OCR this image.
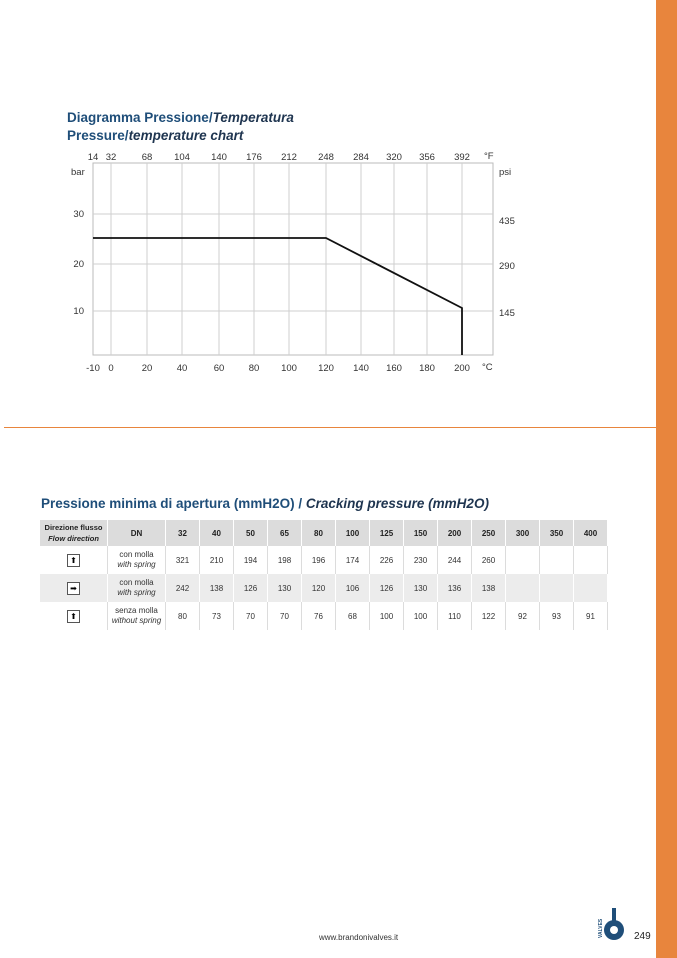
Diagramma Pressione/Temperatura
Pressure/temperature chart
-10
14
0
32
20
68
40
104
60
140
80
176
100
212
120
248
140
284
160
320
180
356
200
392
10
20
30
145
290
435
°F
°C
bar	psi
Pressione minima di apertura (mmH2O) / Cracking pressure (mmH2O)
Direzione flusso
Flow direction	DN	32	40	50	65	80	100	125	150	200	250	300	350	400
⬆	con molla
with spring	321	210	194	198	196	174	226	230	244	260			
➡	con molla
with spring	242	138	126	130	120	106	126	130	136	138			
⬆	senza molla
without spring	80	73	70	70	76	68	100	100	110	122	92	93	91
www.brandonivalves.it	249
VALVES
